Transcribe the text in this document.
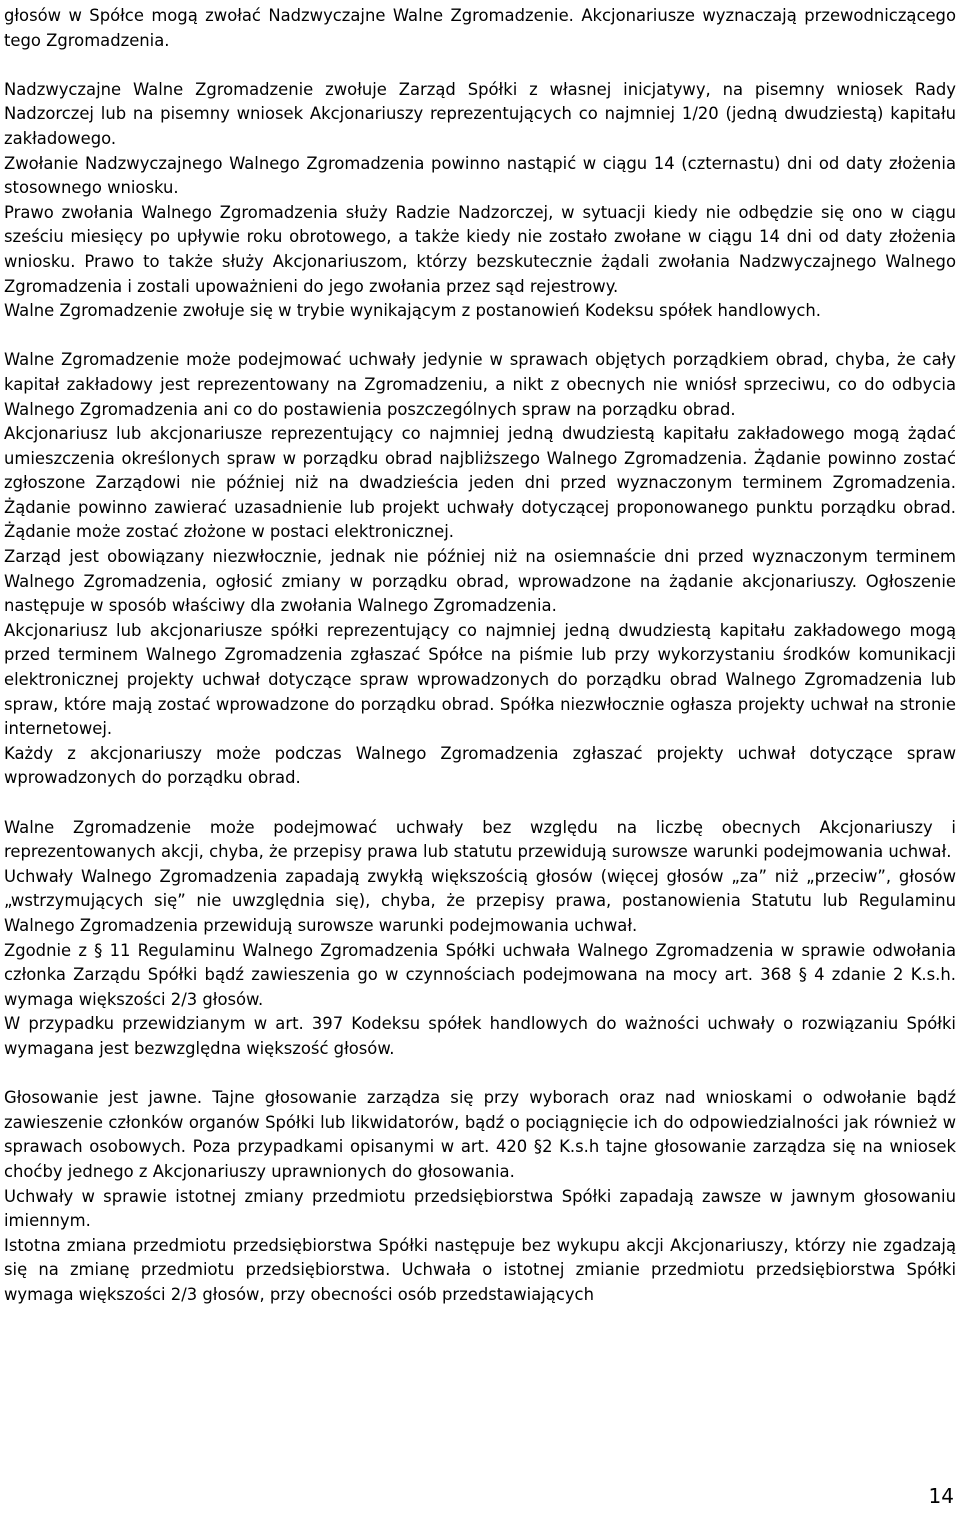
głosów w Spółce mogą zwołać Nadzwyczajne Walne Zgromadzenie. Akcjonariusze wyznaczają przewodniczącego tego Zgromadzenia.

Nadzwyczajne Walne Zgromadzenie zwołuje Zarząd Spółki z własnej inicjatywy, na pisemny wniosek Rady Nadzorczej lub na pisemny wniosek Akcjonariuszy reprezentujących co najmniej 1/20 (jedną dwudziestą) kapitału zakładowego.

Zwołanie Nadzwyczajnego Walnego Zgromadzenia powinno nastąpić w ciągu 14 (czternastu) dni od daty złożenia stosownego wniosku.

Prawo zwołania Walnego Zgromadzenia służy Radzie Nadzorczej, w sytuacji kiedy nie odbędzie się ono w ciągu sześciu miesięcy po upływie roku obrotowego, a także kiedy nie zostało zwołane w ciągu 14 dni od daty złożenia wniosku. Prawo to także służy Akcjonariuszom, którzy bezskutecznie żądali zwołania Nadzwyczajnego Walnego Zgromadzenia i zostali upoważnieni do jego zwołania przez sąd rejestrowy.

Walne Zgromadzenie zwołuje się w trybie wynikającym z postanowień Kodeksu spółek handlowych.

Walne Zgromadzenie może podejmować uchwały jedynie w sprawach objętych porządkiem obrad, chyba, że cały kapitał zakładowy jest reprezentowany na Zgromadzeniu, a nikt z obecnych nie wniósł sprzeciwu, co do odbycia Walnego Zgromadzenia ani co do postawienia poszczególnych spraw na porządku obrad.

Akcjonariusz lub akcjonariusze reprezentujący co najmniej jedną dwudziestą kapitału zakładowego mogą żądać umieszczenia określonych spraw w porządku obrad najbliższego Walnego Zgromadzenia. Żądanie powinno zostać zgłoszone Zarządowi nie później niż na dwadzieścia jeden dni przed wyznaczonym terminem Zgromadzenia. Żądanie powinno zawierać uzasadnienie lub projekt uchwały dotyczącej proponowanego punktu porządku obrad. Żądanie może zostać złożone w postaci elektronicznej.

Zarząd jest obowiązany niezwłocznie, jednak nie później niż na osiemnaście dni przed wyznaczonym terminem Walnego Zgromadzenia, ogłosić zmiany w porządku obrad, wprowadzone na żądanie akcjonariuszy. Ogłoszenie następuje w sposób właściwy dla zwołania Walnego Zgromadzenia.

Akcjonariusz lub akcjonariusze spółki reprezentujący co najmniej jedną dwudziestą kapitału zakładowego mogą przed terminem Walnego Zgromadzenia zgłaszać Spółce na piśmie lub przy wykorzystaniu środków komunikacji elektronicznej projekty uchwał dotyczące spraw wprowadzonych do porządku obrad Walnego Zgromadzenia lub spraw, które mają zostać wprowadzone do porządku obrad. Spółka niezwłocznie ogłasza projekty uchwał na stronie internetowej.

Każdy z akcjonariuszy może podczas Walnego Zgromadzenia zgłaszać projekty uchwał dotyczące spraw wprowadzonych do porządku obrad.

Walne Zgromadzenie może podejmować uchwały bez względu na liczbę obecnych Akcjonariuszy i reprezentowanych akcji, chyba, że przepisy prawa lub statutu przewidują surowsze warunki podejmowania uchwał.

Uchwały Walnego Zgromadzenia zapadają zwykłą większością głosów (więcej głosów „za” niż „przeciw”, głosów „wstrzymujących się” nie uwzględnia się), chyba, że przepisy prawa, postanowienia Statutu lub Regulaminu Walnego Zgromadzenia przewidują surowsze warunki podejmowania uchwał.

Zgodnie z § 11 Regulaminu Walnego Zgromadzenia Spółki uchwała Walnego Zgromadzenia w sprawie odwołania członka Zarządu Spółki bądź zawieszenia go w czynnościach podejmowana na mocy art. 368 § 4 zdanie 2 K.s.h. wymaga większości 2/3 głosów.

W przypadku przewidzianym w art. 397 Kodeksu spółek handlowych do ważności uchwały o rozwiązaniu Spółki wymagana jest bezwzględna większość głosów.

Głosowanie jest jawne. Tajne głosowanie zarządza się przy wyborach oraz nad wnioskami o odwołanie bądź zawieszenie członków organów Spółki lub likwidatorów, bądź o pociągnięcie ich do odpowiedzialności jak również w sprawach osobowych. Poza przypadkami opisanymi w art. 420 §2 K.s.h tajne głosowanie zarządza się na wniosek choćby jednego z Akcjonariuszy uprawnionych do głosowania.

Uchwały w sprawie istotnej zmiany przedmiotu przedsiębiorstwa Spółki zapadają zawsze w jawnym głosowaniu imiennym.

Istotna zmiana przedmiotu przedsiębiorstwa Spółki następuje bez wykupu akcji Akcjonariuszy, którzy nie zgadzają się na zmianę przedmiotu przedsiębiorstwa. Uchwała o istotnej zmianie przedmiotu przedsiębiorstwa Spółki wymaga większości 2/3 głosów, przy obecności osób przedstawiających

14
